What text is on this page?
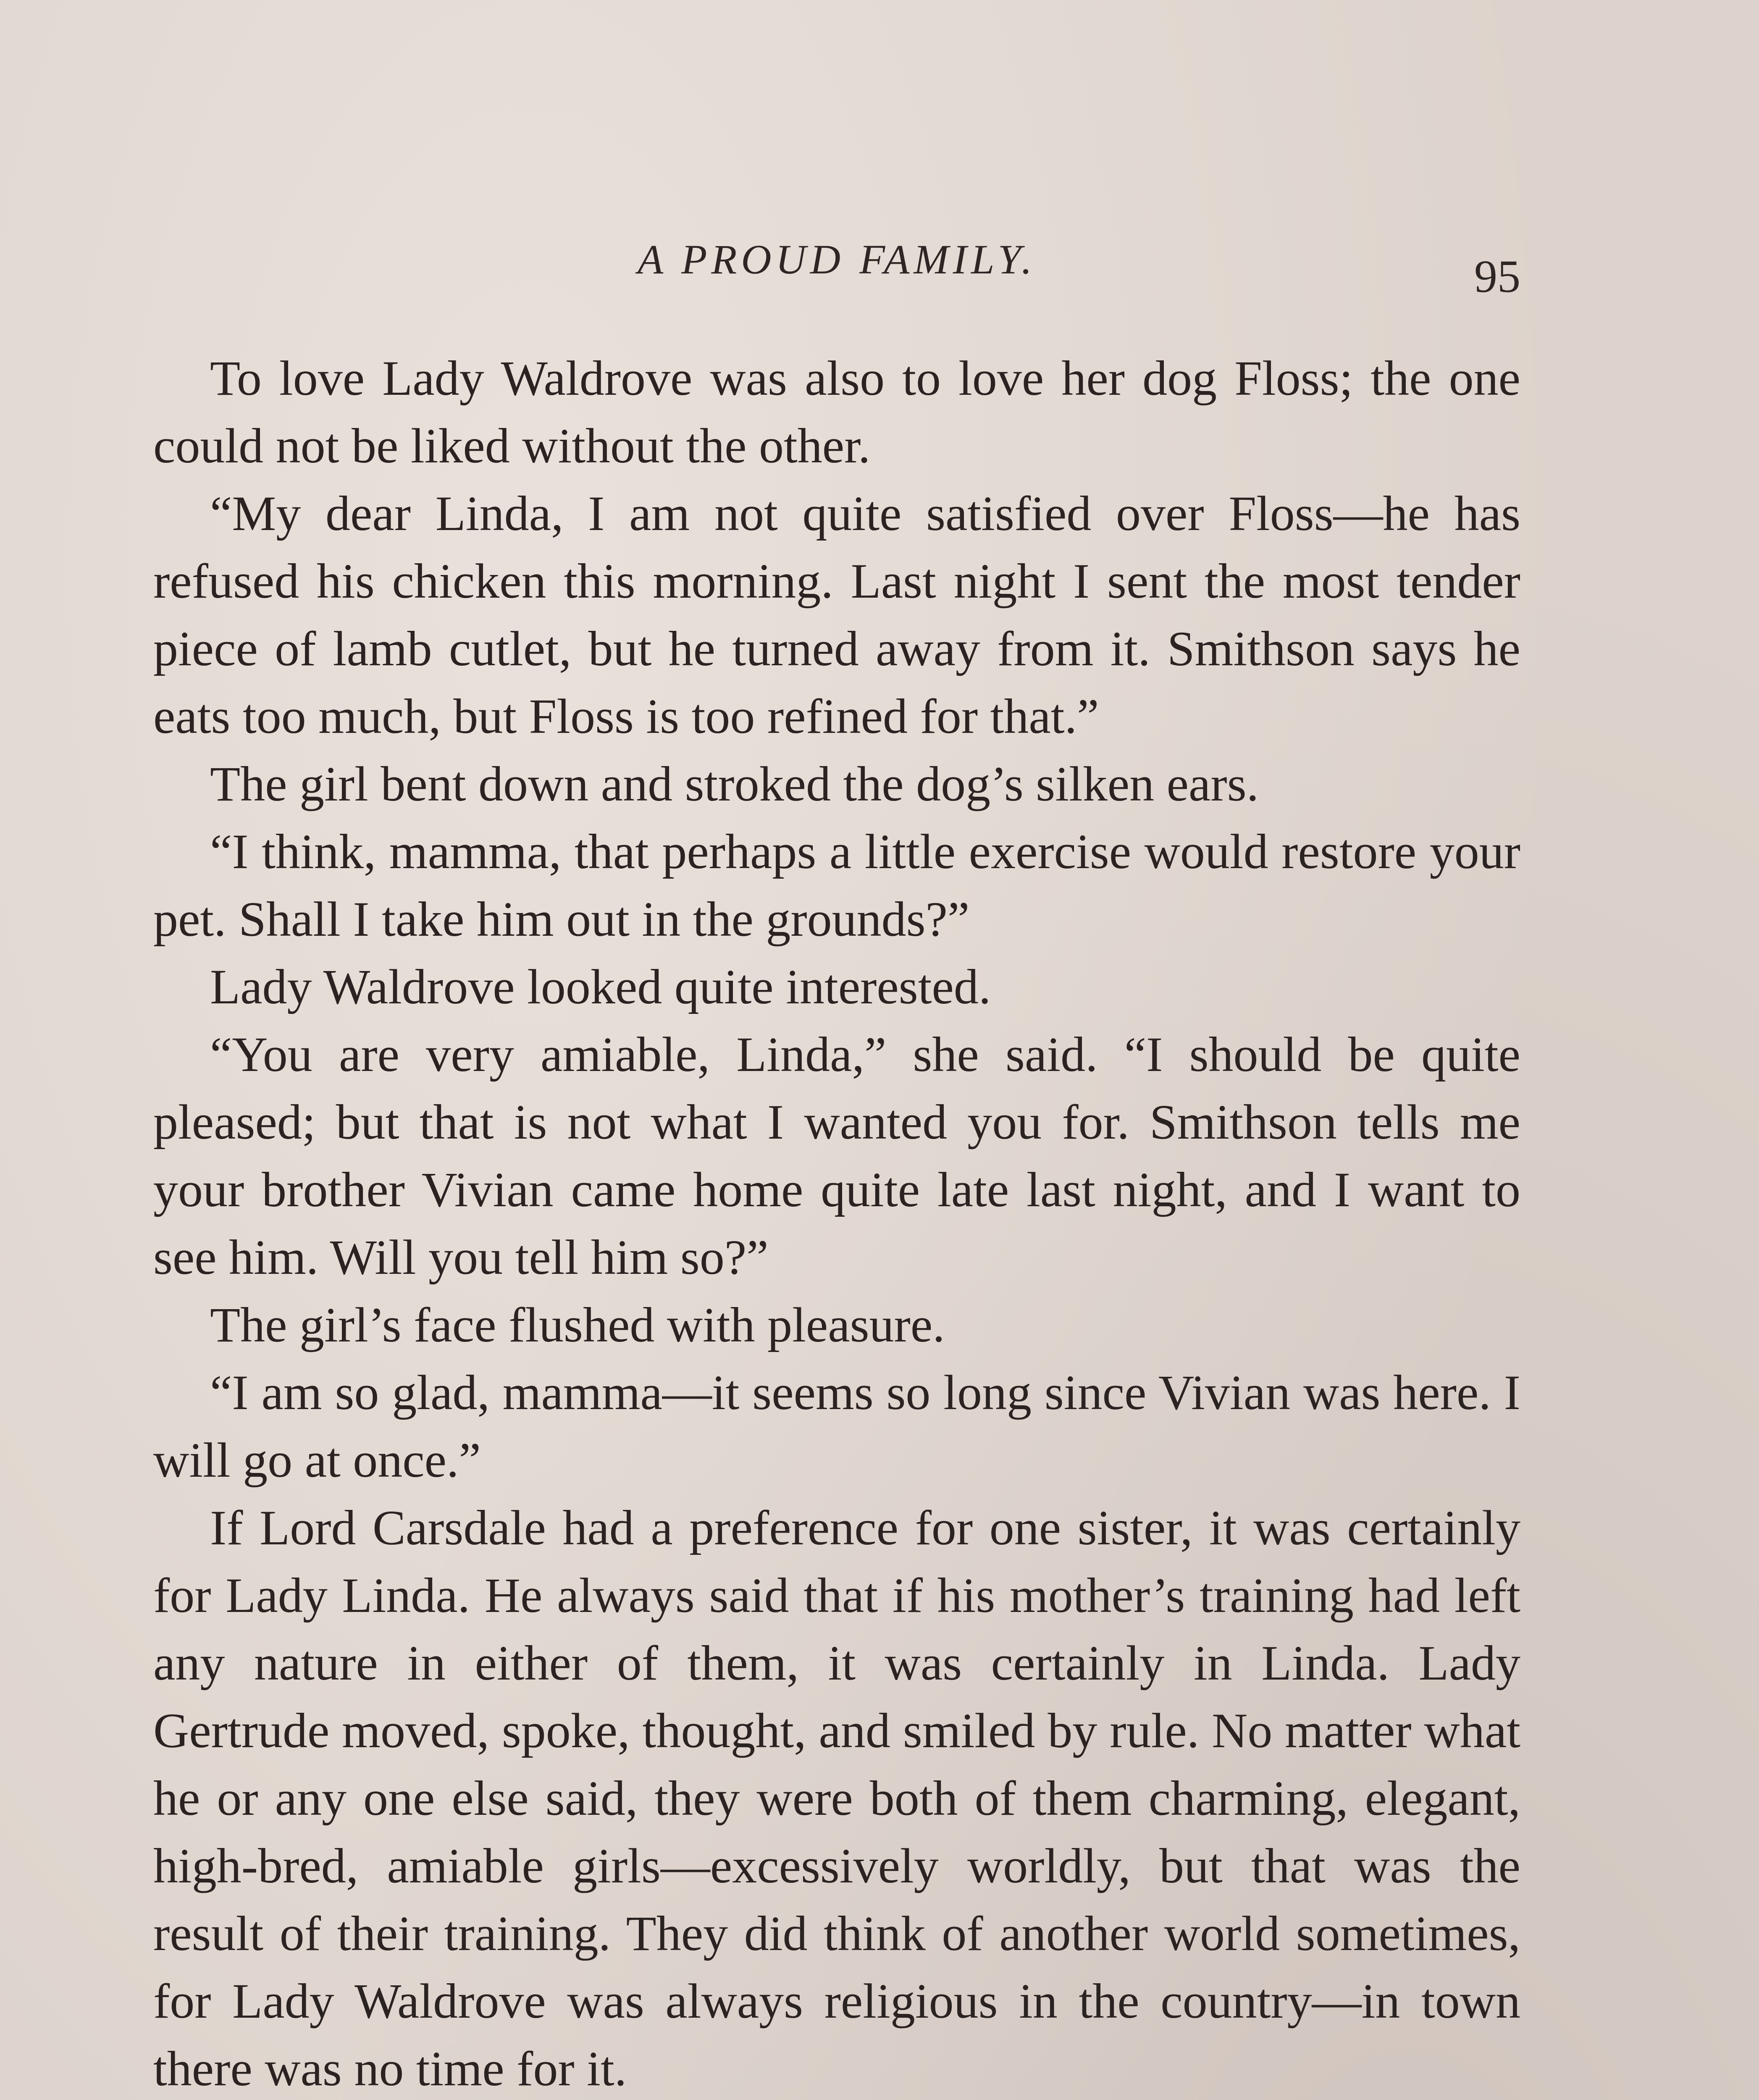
A PROUD FAMILY.	95

To love Lady Waldrove was also to love her dog Floss; the one could not be liked without the other.

“My dear Linda, I am not quite satisfied over Floss—he has refused his chicken this morning. Last night I sent the most tender piece of lamb cutlet, but he turned away from it. Smithson says he eats too much, but Floss is too refined for that.”

The girl bent down and stroked the dog’s silken ears.

“I think, mamma, that perhaps a little exercise would restore your pet. Shall I take him out in the grounds?”

Lady Waldrove looked quite interested.

“You are very amiable, Linda,” she said. “I should be quite pleased; but that is not what I wanted you for. Smithson tells me your brother Vivian came home quite late last night, and I want to see him. Will you tell him so?”

The girl’s face flushed with pleasure.

“I am so glad, mamma—it seems so long since Vivian was here. I will go at once.”

If Lord Carsdale had a preference for one sister, it was certainly for Lady Linda. He always said that if his mother’s training had left any nature in either of them, it was certainly in Linda. Lady Gertrude moved, spoke, thought, and smiled by rule. No matter what he or any one else said, they were both of them charming, elegant, high-bred, amiable girls—excessively worldly, but that was the result of their training. They did think of another world sometimes, for Lady Waldrove was always religious in the country—in town there was no time for it.
